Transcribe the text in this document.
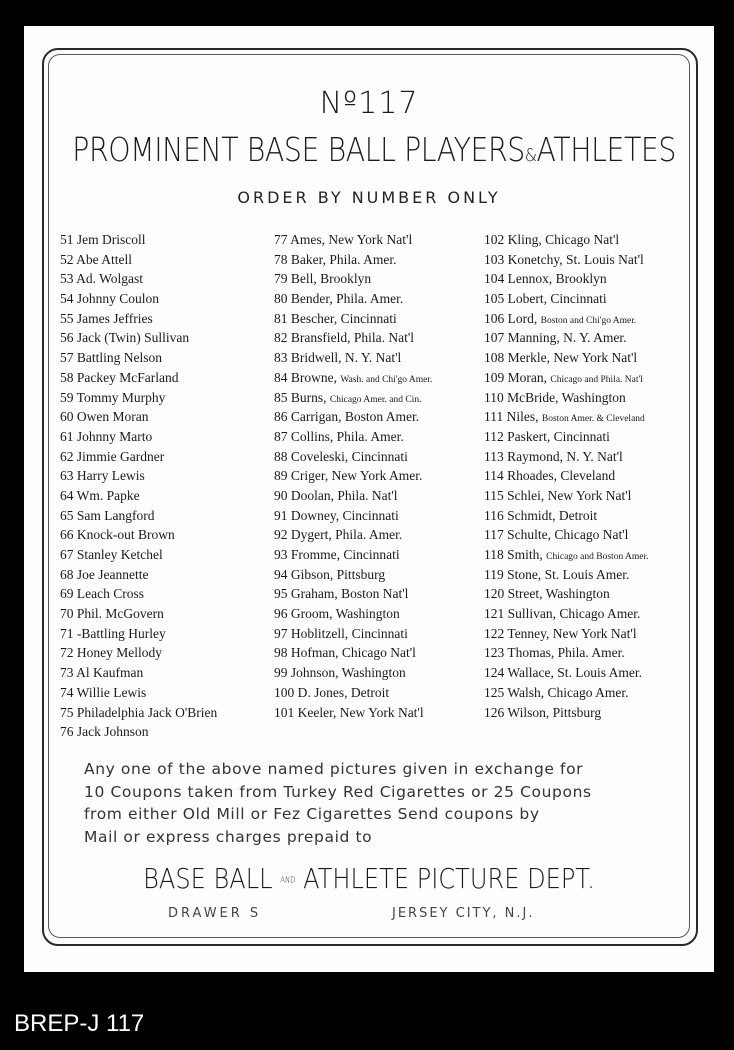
Nº117
PROMINENT BASE BALL PLAYERS&ATHLETES
ORDER BY NUMBER ONLY
51 Jem Driscoll
52 Abe Attell
53 Ad. Wolgast
54 Johnny Coulon
55 James Jeffries
56 Jack (Twin) Sullivan
57 Battling Nelson
58 Packey McFarland
59 Tommy Murphy
60 Owen Moran
61 Johnny Marto
62 Jimmie Gardner
63 Harry Lewis
64 Wm. Papke
65 Sam Langford
66 Knock-out Brown
67 Stanley Ketchel
68 Joe Jeannette
69 Leach Cross
70 Phil. McGovern
71 -Battling Hurley
72 Honey Mellody
73 Al Kaufman
74 Willie Lewis
75 Philadelphia Jack O'Brien
76 Jack Johnson
77 Ames, New York Nat'l
78 Baker, Phila. Amer.
79 Bell, Brooklyn
80 Bender, Phila. Amer.
81 Bescher, Cincinnati
82 Bransfield, Phila. Nat'l
83 Bridwell, N. Y. Nat'l
84 Browne, Wash. and Chi'go Amer.
85 Burns, Chicago Amer. and Cin.
86 Carrigan, Boston Amer.
87 Collins, Phila. Amer.
88 Coveleski, Cincinnati
89 Criger, New York Amer.
90 Doolan, Phila. Nat'l
91 Downey, Cincinnati
92 Dygert, Phila. Amer.
93 Fromme, Cincinnati
94 Gibson, Pittsburg
95 Graham, Boston Nat'l
96 Groom, Washington
97 Hoblitzell, Cincinnati
98 Hofman, Chicago Nat'l
99 Johnson, Washington
100 D. Jones, Detroit
101 Keeler, New York Nat'l
102 Kling, Chicago Nat'l
103 Konetchy, St. Louis Nat'l
104 Lennox, Brooklyn
105 Lobert, Cincinnati
106 Lord, Boston and Chi'go Amer.
107 Manning, N. Y. Amer.
108 Merkle, New York Nat'l
109 Moran, Chicago and Phila. Nat'l
110 McBride, Washington
111 Niles, Boston Amer. & Cleveland
112 Paskert, Cincinnati
113 Raymond, N. Y. Nat'l
114 Rhoades, Cleveland
115 Schlei, New York Nat'l
116 Schmidt, Detroit
117 Schulte, Chicago Nat'l
118 Smith, Chicago and Boston Amer.
119 Stone, St. Louis Amer.
120 Street, Washington
121 Sullivan, Chicago Amer.
122 Tenney, New York Nat'l
123 Thomas, Phila. Amer.
124 Wallace, St. Louis Amer.
125 Walsh, Chicago Amer.
126 Wilson, Pittsburg
Any one of the above named pictures given in exchange for
10 Coupons taken from Turkey Red Cigarettes or 25 Coupons
from either Old Mill or Fez Cigarettes Send coupons by
Mail or express charges prepaid to
BASE BALL AND ATHLETE PICTURE DEPT.
DRAWER S	JERSEY CITY, N.J.
BREP-J 117
